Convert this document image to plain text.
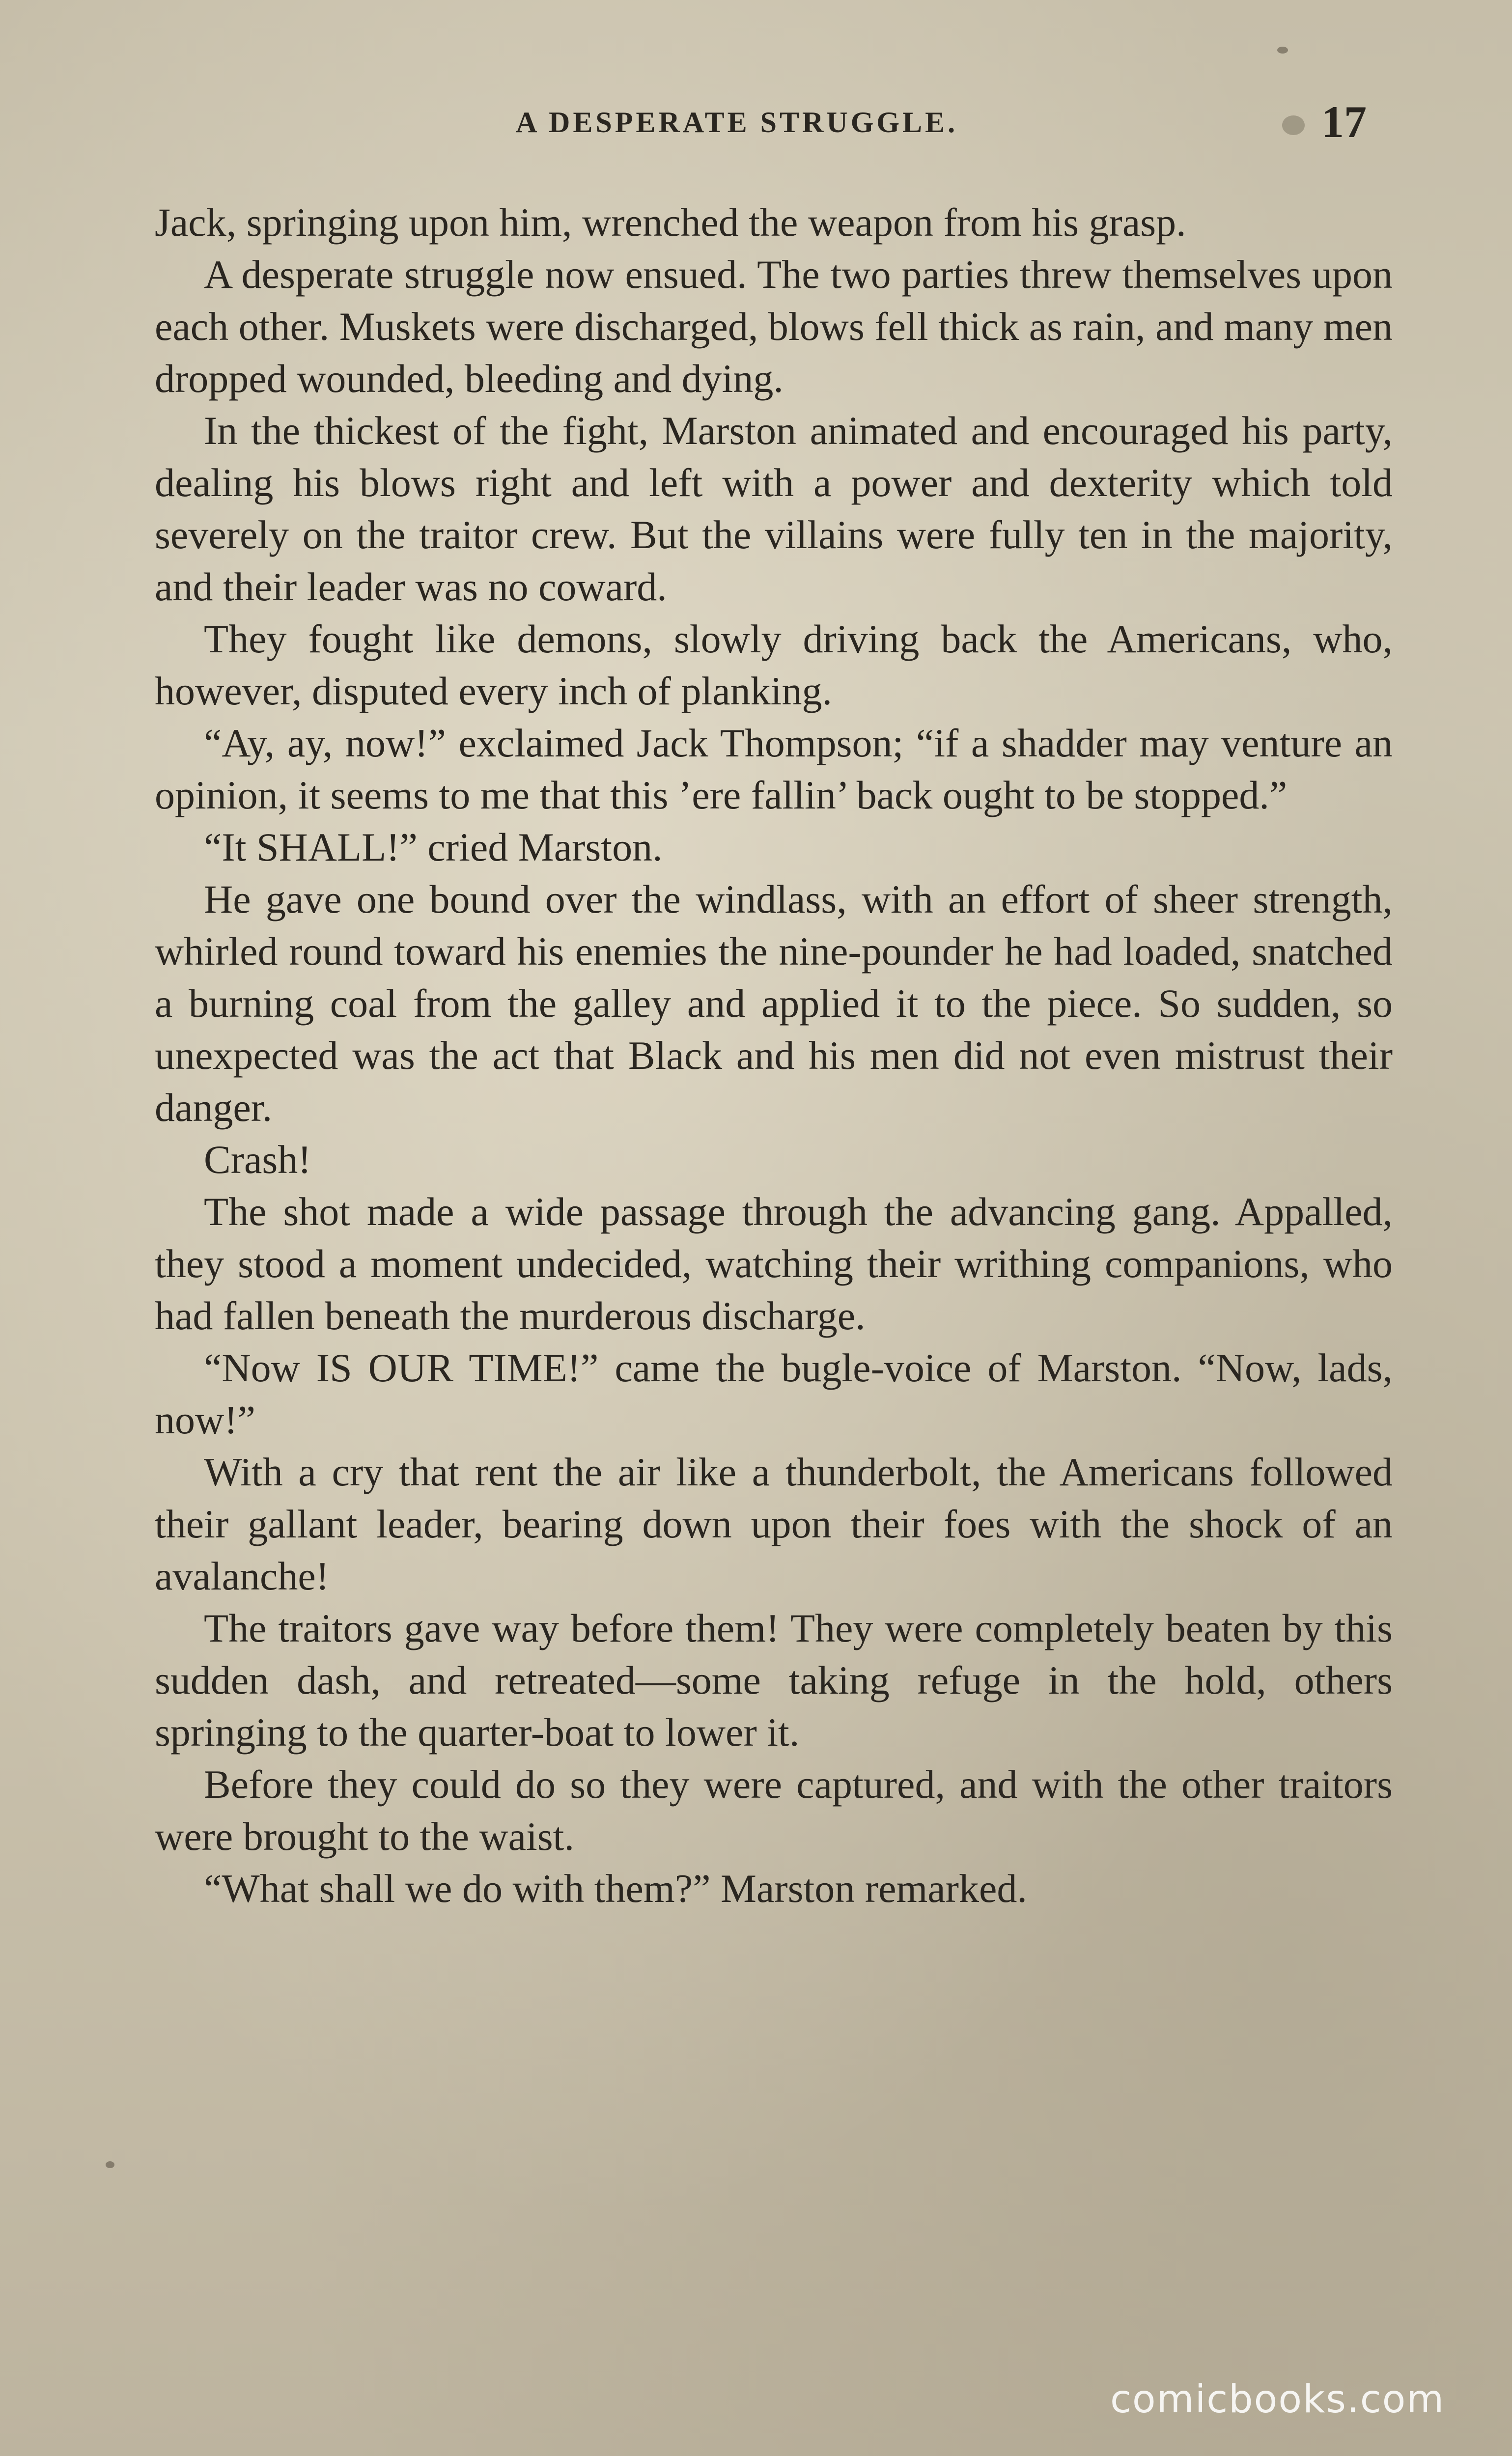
A DESPERATE STRUGGLE.	17

Jack, springing upon him, wrenched the weapon from his grasp.

A desperate struggle now ensued. The two parties threw themselves upon each other. Muskets were discharged, blows fell thick as rain, and many men dropped wounded, bleeding and dying.

In the thickest of the fight, Marston animated and encouraged his party, dealing his blows right and left with a power and dexterity which told severely on the traitor crew. But the villains were fully ten in the majority, and their leader was no coward.

They fought like demons, slowly driving back the Americans, who, however, disputed every inch of planking.

“Ay, ay, now!” exclaimed Jack Thompson; “if a shadder may venture an opinion, it seems to me that this ’ere fallin’ back ought to be stopped.”

“It SHALL!” cried Marston.

He gave one bound over the windlass, with an effort of sheer strength, whirled round toward his enemies the nine-pounder he had loaded, snatched a burning coal from the galley and applied it to the piece. So sudden, so unexpected was the act that Black and his men did not even mistrust their danger.

Crash!

The shot made a wide passage through the advancing gang. Appalled, they stood a moment undecided, watching their writhing companions, who had fallen beneath the murderous discharge.

“Now IS OUR TIME!” came the bugle-voice of Marston. “Now, lads, now!”

With a cry that rent the air like a thunderbolt, the Americans followed their gallant leader, bearing down upon their foes with the shock of an avalanche!

The traitors gave way before them! They were completely beaten by this sudden dash, and retreated—some taking refuge in the hold, others springing to the quarter-boat to lower it.

Before they could do so they were captured, and with the other traitors were brought to the waist.

“What shall we do with them?” Marston remarked.

comicbooks.com
